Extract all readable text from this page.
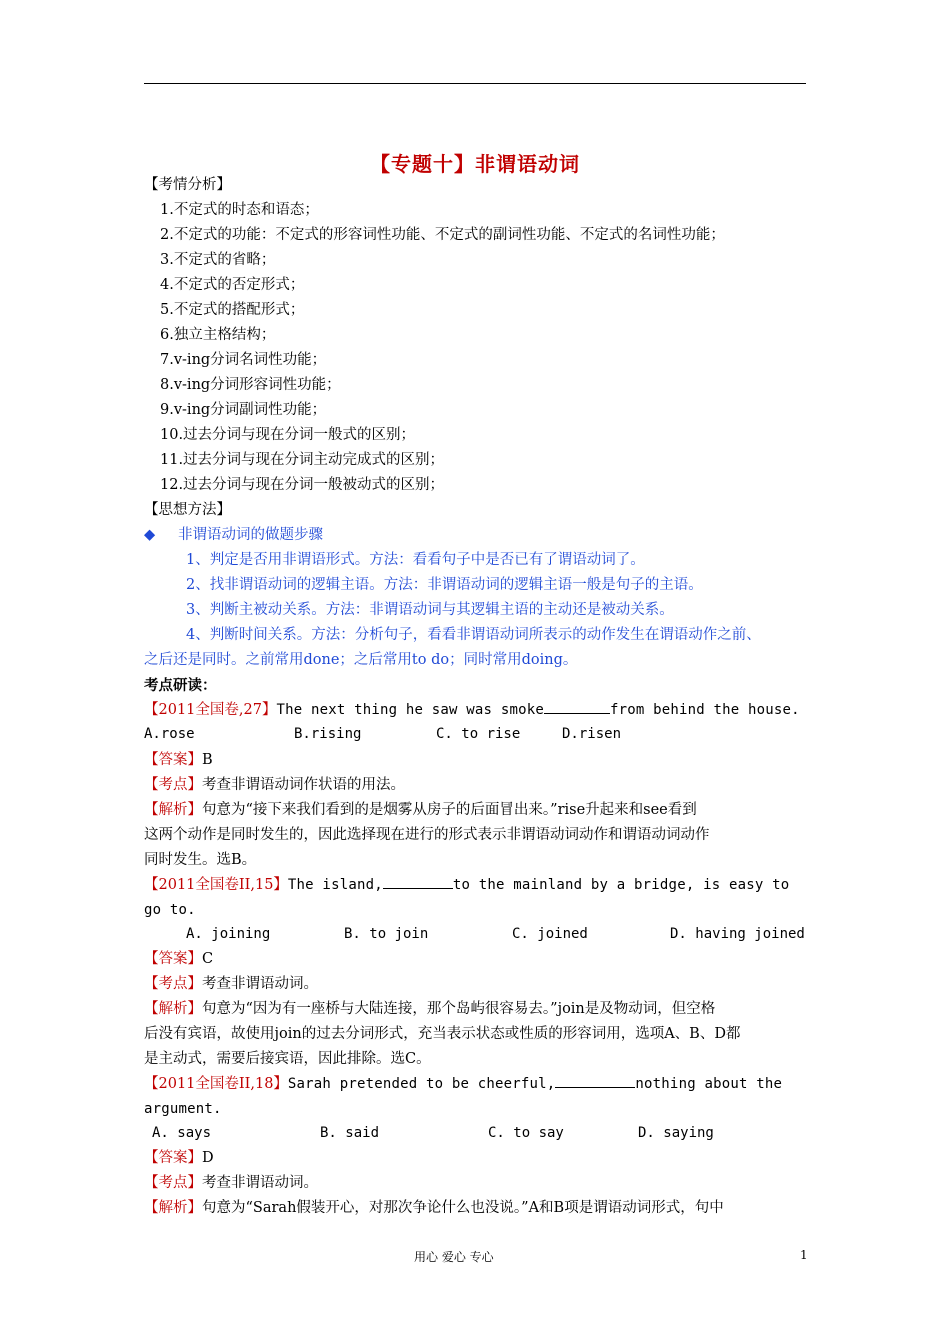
【专题十】非谓语动词
【考情分析】
1.不定式的时态和语态；
2.不定式的功能：不定式的形容词性功能、不定式的副词性功能、不定式的名词性功能；
3.不定式的省略；
4.不定式的否定形式；
5.不定式的搭配形式；
6.独立主格结构；
7.v-ing分词名词性功能；
8.v-ing分词形容词性功能；
9.v-ing分词副词性功能；
10.过去分词与现在分词一般式的区别；
11.过去分词与现在分词主动完成式的区别；
12.过去分词与现在分词一般被动式的区别；
【思想方法】
◆ 非谓语动词的做题步骤
1、判定是否用非谓语形式。方法：看看句子中是否已有了谓语动词了。
2、找非谓语动词的逻辑主语。方法：非谓语动词的逻辑主语一般是句子的主语。
3、判断主被动关系。方法：非谓语动词与其逻辑主语的主动还是被动关系。
4、判断时间关系。方法：分析句子，看看非谓语动词所表示的动作发生在谓语动作之前、
之后还是同时。之前常用done；之后常用to do；同时常用doing。
考点研读：
【2011全国卷,27】The next thing he saw was smoke	from behind the house.
A.rose	B.rising	C. to rise	D.risen
【答案】B
【考点】考查非谓语动词作状语的用法。
【解析】句意为“接下来我们看到的是烟雾从房子的后面冒出来。”rise升起来和see看到
这两个动作是同时发生的，因此选择现在进行的形式表示非谓语动词动作和谓语动词动作
同时发生。选B。
【2011全国卷II,15】The island,	to the mainland by a bridge, is easy to
go to.
A. joining	B. to join	C. joined	D. having joined
【答案】C
【考点】考查非谓语动词。
【解析】句意为“因为有一座桥与大陆连接，那个岛屿很容易去。”join是及物动词，但空格
后没有宾语，故使用join的过去分词形式，充当表示状态或性质的形容词用，选项A、B、D都
是主动式，需要后接宾语，因此排除。选C。
【2011全国卷II,18】Sarah pretended to be cheerful,	nothing about the
argument.
A. says	B. said	C. to say	D. saying
【答案】D
【考点】考查非谓语动词。
【解析】句意为“Sarah假装开心，对那次争论什么也没说。”A和B项是谓语动词形式，句中
用心 爱心 专心	1
